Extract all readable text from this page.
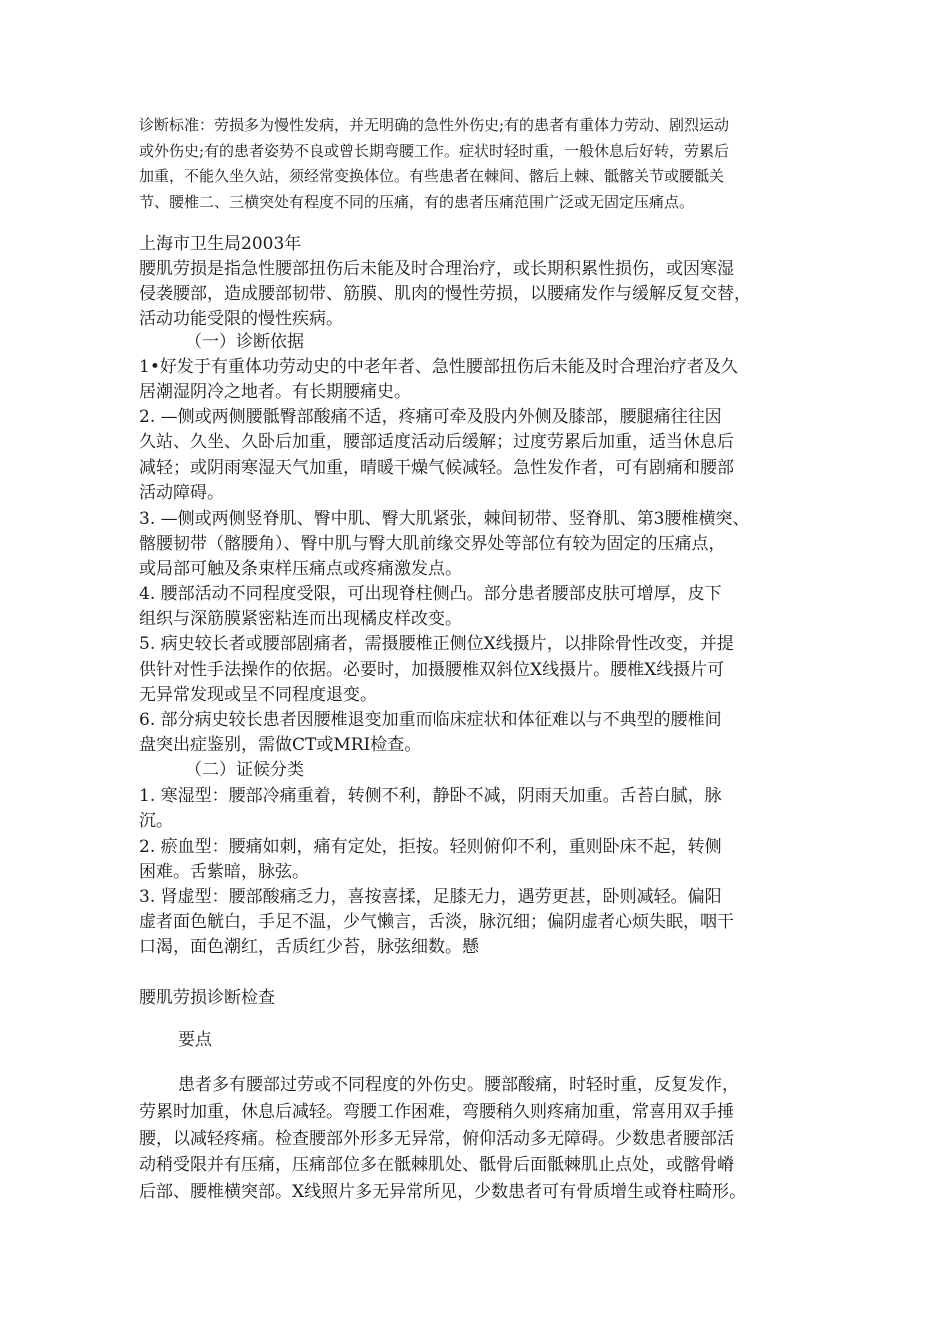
诊断标准：劳损多为慢性发病，并无明确的急性外伤史;有的患者有重体力劳动、剧烈运动
或外伤史;有的患者姿势不良或曾长期弯腰工作。症状时轻时重，一般休息后好转，劳累后
加重，不能久坐久站，须经常变换体位。有些患者在棘间、髂后上棘、骶髂关节或腰骶关
节、腰椎二、三横突处有程度不同的压痛，有的患者压痛范围广泛或无固定压痛点。
上海市卫生局2003年
腰肌劳损是指急性腰部扭伤后未能及时合理治疗，或长期积累性损伤，或因寒湿
侵袭腰部，造成腰部韧带、筋膜、肌肉的慢性劳损，以腰痛发作与缓解反复交替，
活动功能受限的慢性疾病。
（一）诊断依据
1•好发于有重体功劳动史的中老年者、急性腰部扭伤后未能及时合理治疗者及久
居潮湿阴冷之地者。有长期腰痛史。
2. —侧或两侧腰骶臀部酸痛不适，疼痛可牵及股内外侧及膝部，腰腿痛往往因
久站、久坐、久卧后加重，腰部适度活动后缓解；过度劳累后加重，适当休息后
减轻；或阴雨寒湿天气加重，晴暖干燥气候减轻。急性发作者，可有剧痛和腰部
活动障碍。
3. —侧或两侧竖脊肌、臀中肌、臀大肌紧张，棘间韧带、竖脊肌、第3腰椎横突、
髂腰韧带（髂腰角）、臀中肌与臀大肌前缘交界处等部位有较为固定的压痛点，
或局部可触及条束样压痛点或疼痛激发点。
4. 腰部活动不同程度受限，可出现脊柱侧凸。部分患者腰部皮肤可增厚，皮下
组织与深筋膜紧密粘连而出现橘皮样改变。
5. 病史较长者或腰部剧痛者，需摄腰椎正侧位X线摄片，以排除骨性改变，并提
供针对性手法操作的依据。必要时，加摄腰椎双斜位X线摄片。腰椎X线摄片可
无异常发现或呈不同程度退变。
6. 部分病史较长患者因腰椎退变加重而临床症状和体征难以与不典型的腰椎间
盘突出症鉴别，需做CT或MRI检查。
（二）证候分类
1. 寒湿型：腰部冷痛重着，转侧不利，静卧不减，阴雨天加重。舌苔白腻，脉
沉。
2. 瘀血型：腰痛如刺，痛有定处，拒按。轻则俯仰不利，重则卧床不起，转侧
困难。舌紫暗，脉弦。
3. 肾虚型：腰部酸痛乏力，喜按喜揉，足膝无力，遇劳更甚，卧则减轻。偏阳
虚者面色觥白，手足不温，少气懒言，舌淡，脉沉细；偏阴虚者心烦失眠，咽干
口渴，面色潮红，舌质红少苔，脉弦细数。懸
腰肌劳损诊断检查
要点
患者多有腰部过劳或不同程度的外伤史。腰部酸痛，时轻时重，反复发作，
劳累时加重，休息后减轻。弯腰工作困难，弯腰稍久则疼痛加重，常喜用双手捶
腰，以减轻疼痛。检查腰部外形多无异常，俯仰活动多无障碍。少数患者腰部活
动稍受限并有压痛，压痛部位多在骶棘肌处、骶骨后面骶棘肌止点处，或髂骨嵴
后部、腰椎横突部。X线照片多无异常所见，少数患者可有骨质增生或脊柱畸形。
